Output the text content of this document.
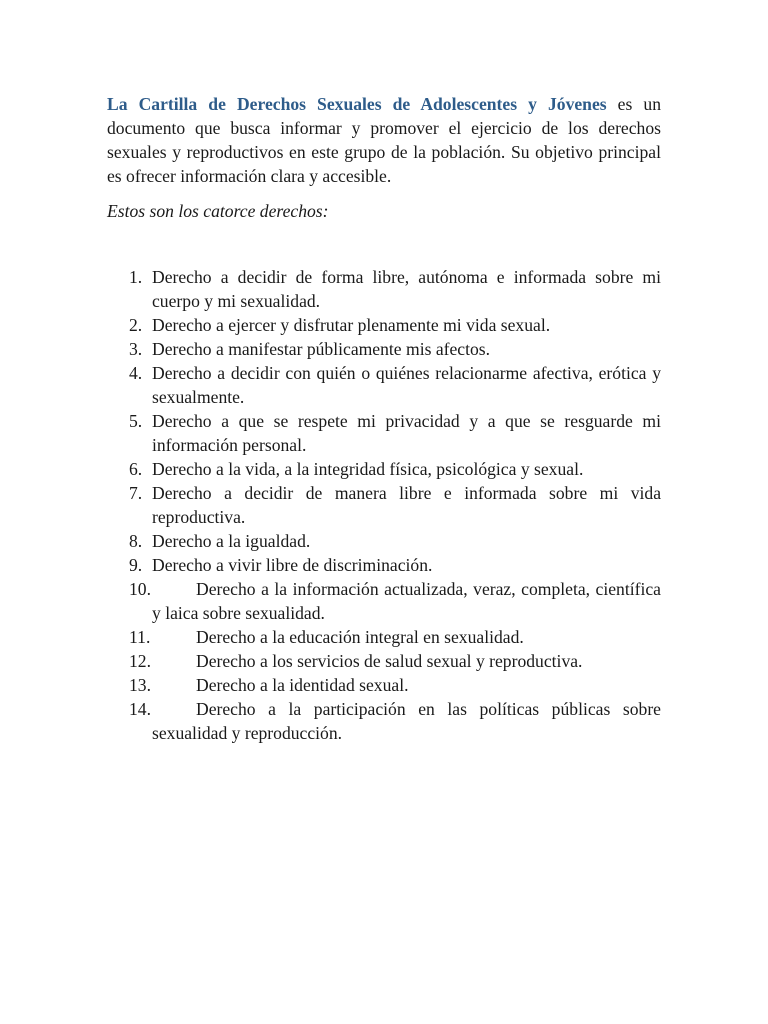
La Cartilla de Derechos Sexuales de Adolescentes y Jóvenes es un documento que busca informar y promover el ejercicio de los derechos sexuales y reproductivos en este grupo de la población. Su objetivo principal es ofrecer información clara y accesible.

Estos son los catorce derechos:

1. Derecho a decidir de forma libre, autónoma e informada sobre mi cuerpo y mi sexualidad.
2. Derecho a ejercer y disfrutar plenamente mi vida sexual.
3. Derecho a manifestar públicamente mis afectos.
4. Derecho a decidir con quién o quiénes relacionarme afectiva, erótica y sexualmente.
5. Derecho a que se respete mi privacidad y a que se resguarde mi información personal.
6. Derecho a la vida, a la integridad física, psicológica y sexual.
7. Derecho a decidir de manera libre e informada sobre mi vida reproductiva.
8. Derecho a la igualdad.
9. Derecho a vivir libre de discriminación.
10.	Derecho a la información actualizada, veraz, completa, científica y laica sobre sexualidad.
11.	Derecho a la educación integral en sexualidad.
12.	Derecho a los servicios de salud sexual y reproductiva.
13.	Derecho a la identidad sexual.
14.	Derecho a la participación en las políticas públicas sobre sexualidad y reproducción.
